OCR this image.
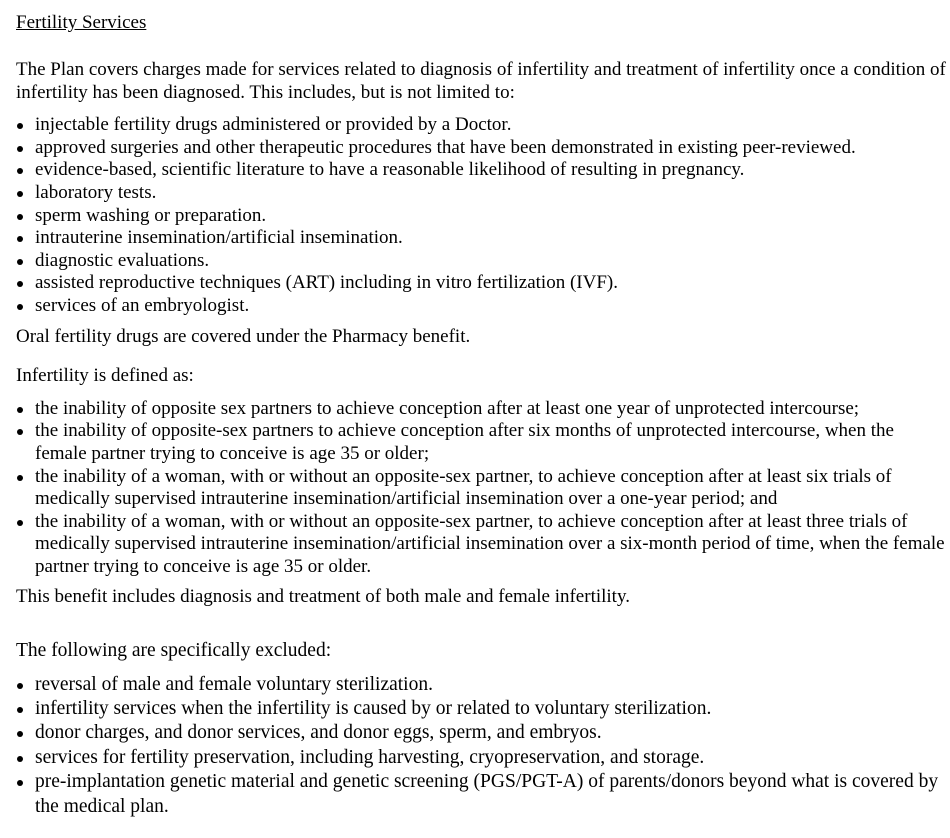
Fertility Services

The Plan covers charges made for services related to diagnosis of infertility and treatment of infertility once a condition of infertility has been diagnosed. This includes, but is not limited to:

injectable fertility drugs administered or provided by a Doctor.
approved surgeries and other therapeutic procedures that have been demonstrated in existing peer-reviewed.
evidence-based, scientific literature to have a reasonable likelihood of resulting in pregnancy.
laboratory tests.
sperm washing or preparation.
intrauterine insemination/artificial insemination.
diagnostic evaluations.
assisted reproductive techniques (ART) including in vitro fertilization (IVF).
services of an embryologist.

Oral fertility drugs are covered under the Pharmacy benefit.

Infertility is defined as:

the inability of opposite sex partners to achieve conception after at least one year of unprotected intercourse;
the inability of opposite-sex partners to achieve conception after six months of unprotected intercourse, when the female partner trying to conceive is age 35 or older;
the inability of a woman, with or without an opposite-sex partner, to achieve conception after at least six trials of medically supervised intrauterine insemination/artificial insemination over a one-year period; and
the inability of a woman, with or without an opposite-sex partner, to achieve conception after at least three trials of medically supervised intrauterine insemination/artificial insemination over a six-month period of time, when the female partner trying to conceive is age 35 or older.

This benefit includes diagnosis and treatment of both male and female infertility.

The following are specifically excluded:

reversal of male and female voluntary sterilization.
infertility services when the infertility is caused by or related to voluntary sterilization.
donor charges, and donor services, and donor eggs, sperm, and embryos.
services for fertility preservation, including harvesting, cryopreservation, and storage.
pre-implantation genetic material and genetic screening (PGS/PGT-A) of parents/donors beyond what is covered by the medical plan.
